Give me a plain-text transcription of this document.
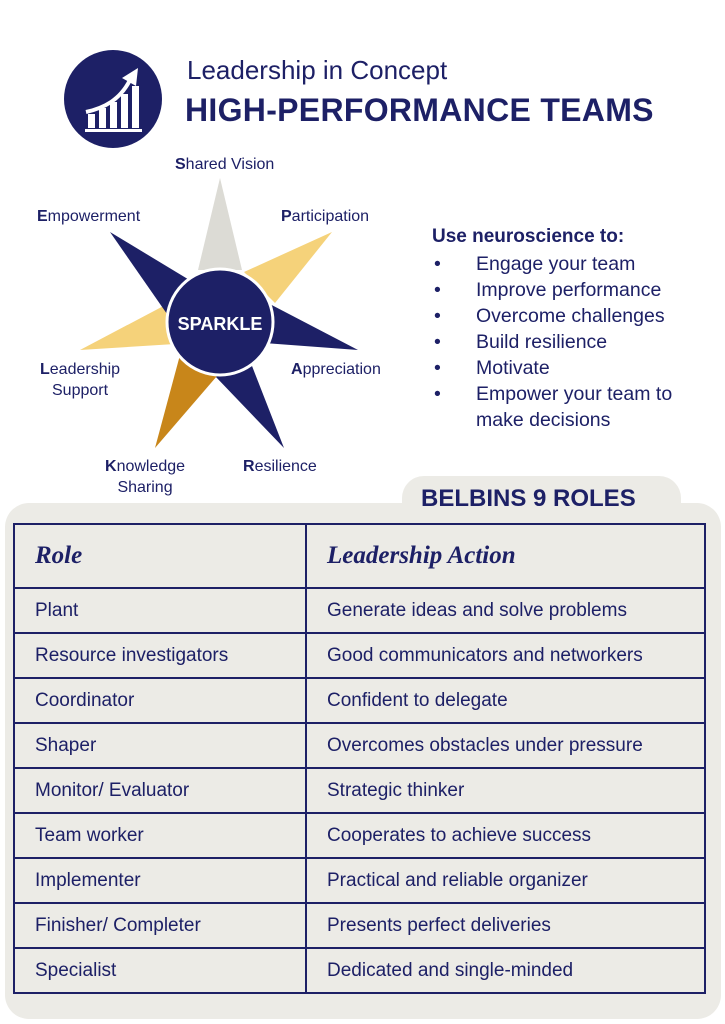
Leadership in Concept
HIGH-PERFORMANCE TEAMS
SPARKLE
Shared Vision
Participation
Appreciation
Resilience
Knowledge
Sharing
Leadership
Support
Empowerment
Use neuroscience to:
• Engage your team
• Improve performance
• Overcome challenges
• Build resilience
• Motivate
• Empower your team to make decisions
BELBINS 9 ROLES
Role	Leadership Action
Plant	Generate ideas and solve problems
Resource investigators	Good communicators and networkers
Coordinator	Confident to delegate
Shaper	Overcomes obstacles under pressure
Monitor/ Evaluator	Strategic thinker
Team worker	Cooperates to achieve success
Implementer	Practical and reliable organizer
Finisher/ Completer	Presents perfect deliveries
Specialist	Dedicated and single-minded
